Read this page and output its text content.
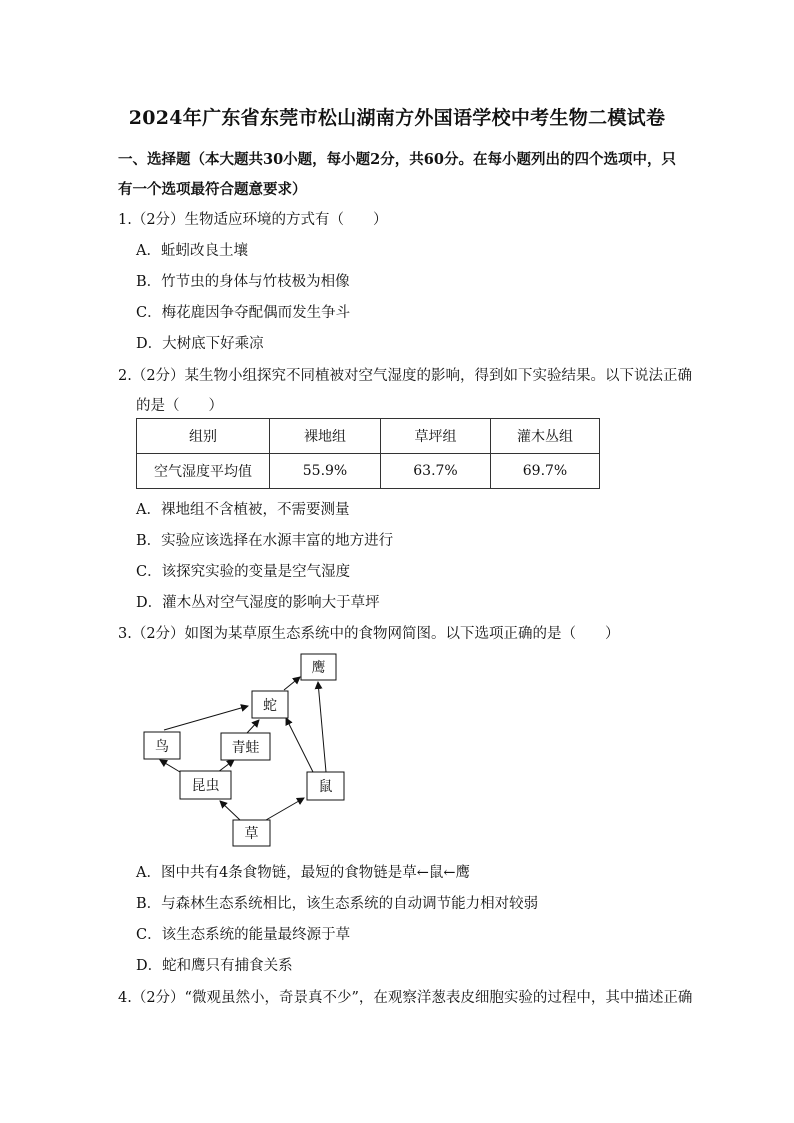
2024年广东省东莞市松山湖南方外国语学校中考生物二模试卷
一、选择题（本大题共30小题，每小题2分，共60分。在每小题列出的四个选项中，只
有一个选项最符合题意要求）
1.（2分）生物适应环境的方式有（　　）
A．蚯蚓改良土壤
B．竹节虫的身体与竹枝极为相像
C．梅花鹿因争夺配偶而发生争斗
D．大树底下好乘凉
2.（2分）某生物小组探究不同植被对空气湿度的影响，得到如下实验结果。以下说法正确
的是（　　）
组别	裸地组	草坪组	灌木丛组
空气湿度平均值	55.9%	63.7%	69.7%
A．裸地组不含植被，不需要测量
B．实验应该选择在水源丰富的地方进行
C．该探究实验的变量是空气湿度
D．灌木丛对空气湿度的影响大于草坪
3.（2分）如图为某草原生态系统中的食物网简图。以下选项正确的是（　　）
鹰
蛇
鸟	青蛙
昆虫	鼠
草
A．图中共有4条食物链，最短的食物链是草←鼠←鹰
B．与森林生态系统相比，该生态系统的自动调节能力相对较弱
C．该生态系统的能量最终源于草
D．蛇和鹰只有捕食关系
4.（2分）“微观虽然小，奇景真不少”，在观察洋葱表皮细胞实验的过程中，其中描述正确
